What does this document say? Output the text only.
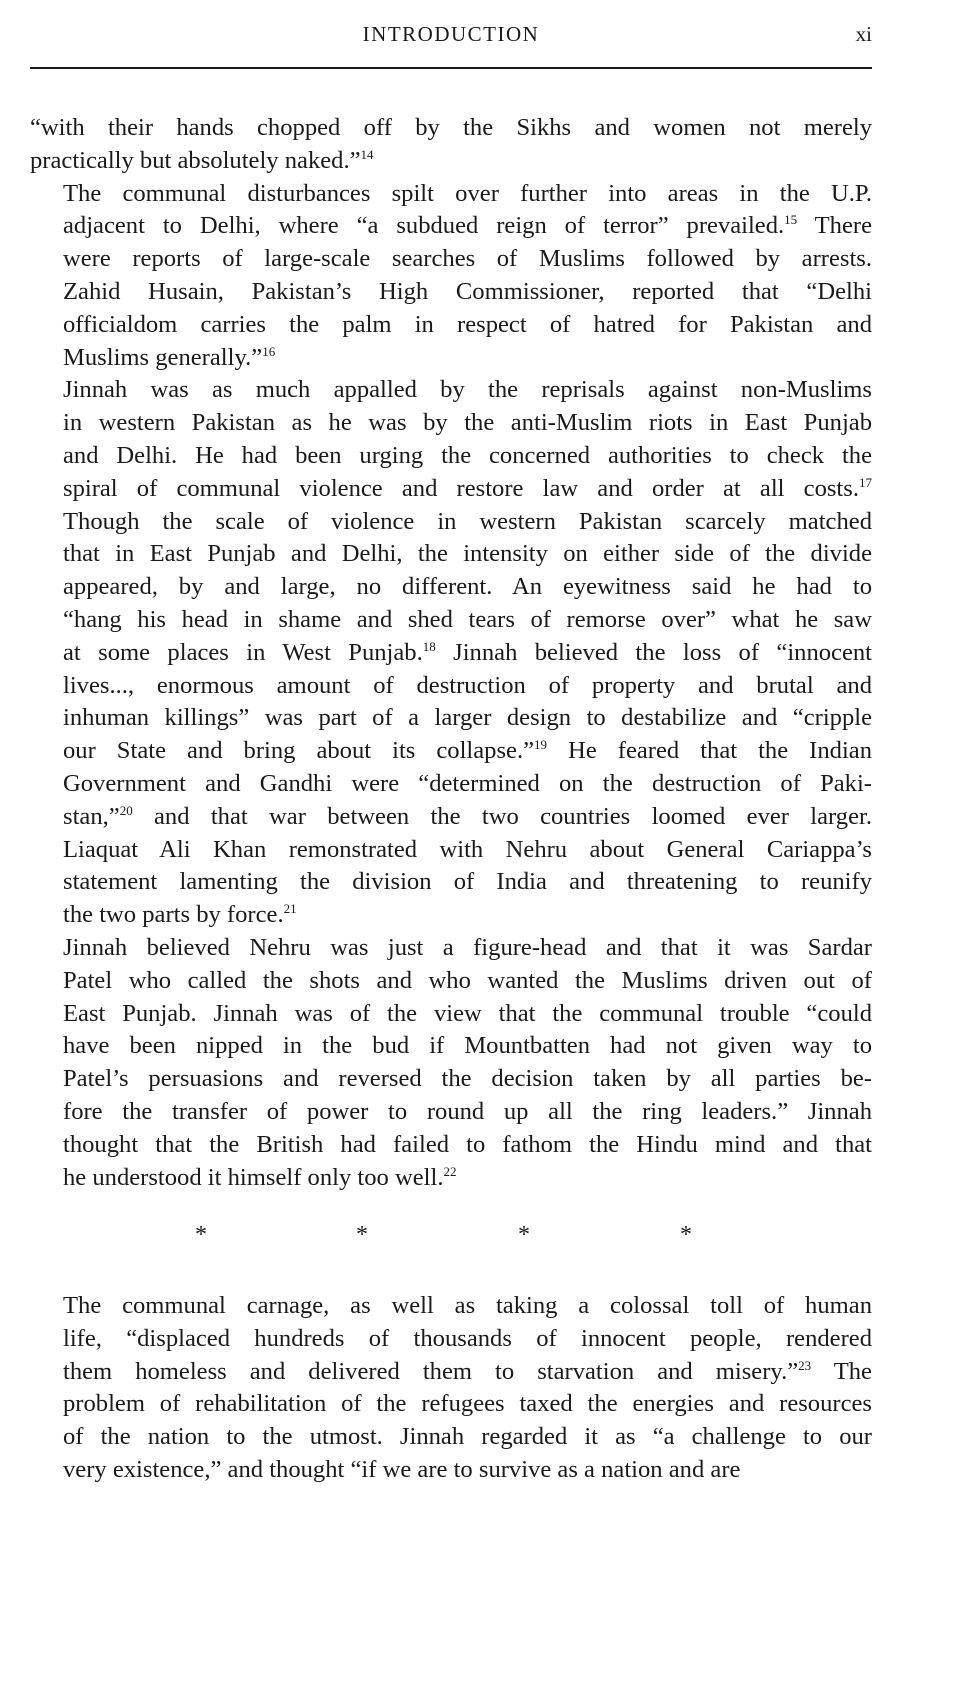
INTRODUCTION	xi

“with their hands chopped off by the Sikhs and women not merely
practically but absolutely naked.”$^{14}$

The communal disturbances spilt over further into areas in the U.P.
adjacent to Delhi, where “a subdued reign of terror” prevailed.$^{15}$ There
were reports of large-scale searches of Muslims followed by arrests.
Zahid Husain, Pakistan’s High Commissioner, reported that “Delhi
officialdom carries the palm in respect of hatred for Pakistan and
Muslims generally.”$^{16}$

Jinnah was as much appalled by the reprisals against non-Muslims
in western Pakistan as he was by the anti-Muslim riots in East Punjab
and Delhi. He had been urging the concerned authorities to check the
spiral of communal violence and restore law and order at all costs.$^{17}$
Though the scale of violence in western Pakistan scarcely matched
that in East Punjab and Delhi, the intensity on either side of the divide
appeared, by and large, no different. An eyewitness said he had to
“hang his head in shame and shed tears of remorse over” what he saw
at some places in West Punjab.$^{18}$ Jinnah believed the loss of “innocent
lives..., enormous amount of destruction of property and brutal and
inhuman killings” was part of a larger design to destabilize and “cripple
our State and bring about its collapse.”$^{19}$ He feared that the Indian
Government and Gandhi were “determined on the destruction of Paki-
stan,”$^{20}$ and that war between the two countries loomed ever larger.
Liaquat Ali Khan remonstrated with Nehru about General Cariappa’s
statement lamenting the division of India and threatening to reunify
the two parts by force.$^{21}$

Jinnah believed Nehru was just a figure-head and that it was Sardar
Patel who called the shots and who wanted the Muslims driven out of
East Punjab. Jinnah was of the view that the communal trouble “could
have been nipped in the bud if Mountbatten had not given way to
Patel’s persuasions and reversed the decision taken by all parties be-
fore the transfer of power to round up all the ring leaders.” Jinnah
thought that the British had failed to fathom the Hindu mind and that
he understood it himself only too well.$^{22}$

*	*	*	*

The communal carnage, as well as taking a colossal toll of human
life, “displaced hundreds of thousands of innocent people, rendered
them homeless and delivered them to starvation and misery.”$^{23}$ The
problem of rehabilitation of the refugees taxed the energies and resources
of the nation to the utmost. Jinnah regarded it as “a challenge to our
very existence,” and thought “if we are to survive as a nation and are
